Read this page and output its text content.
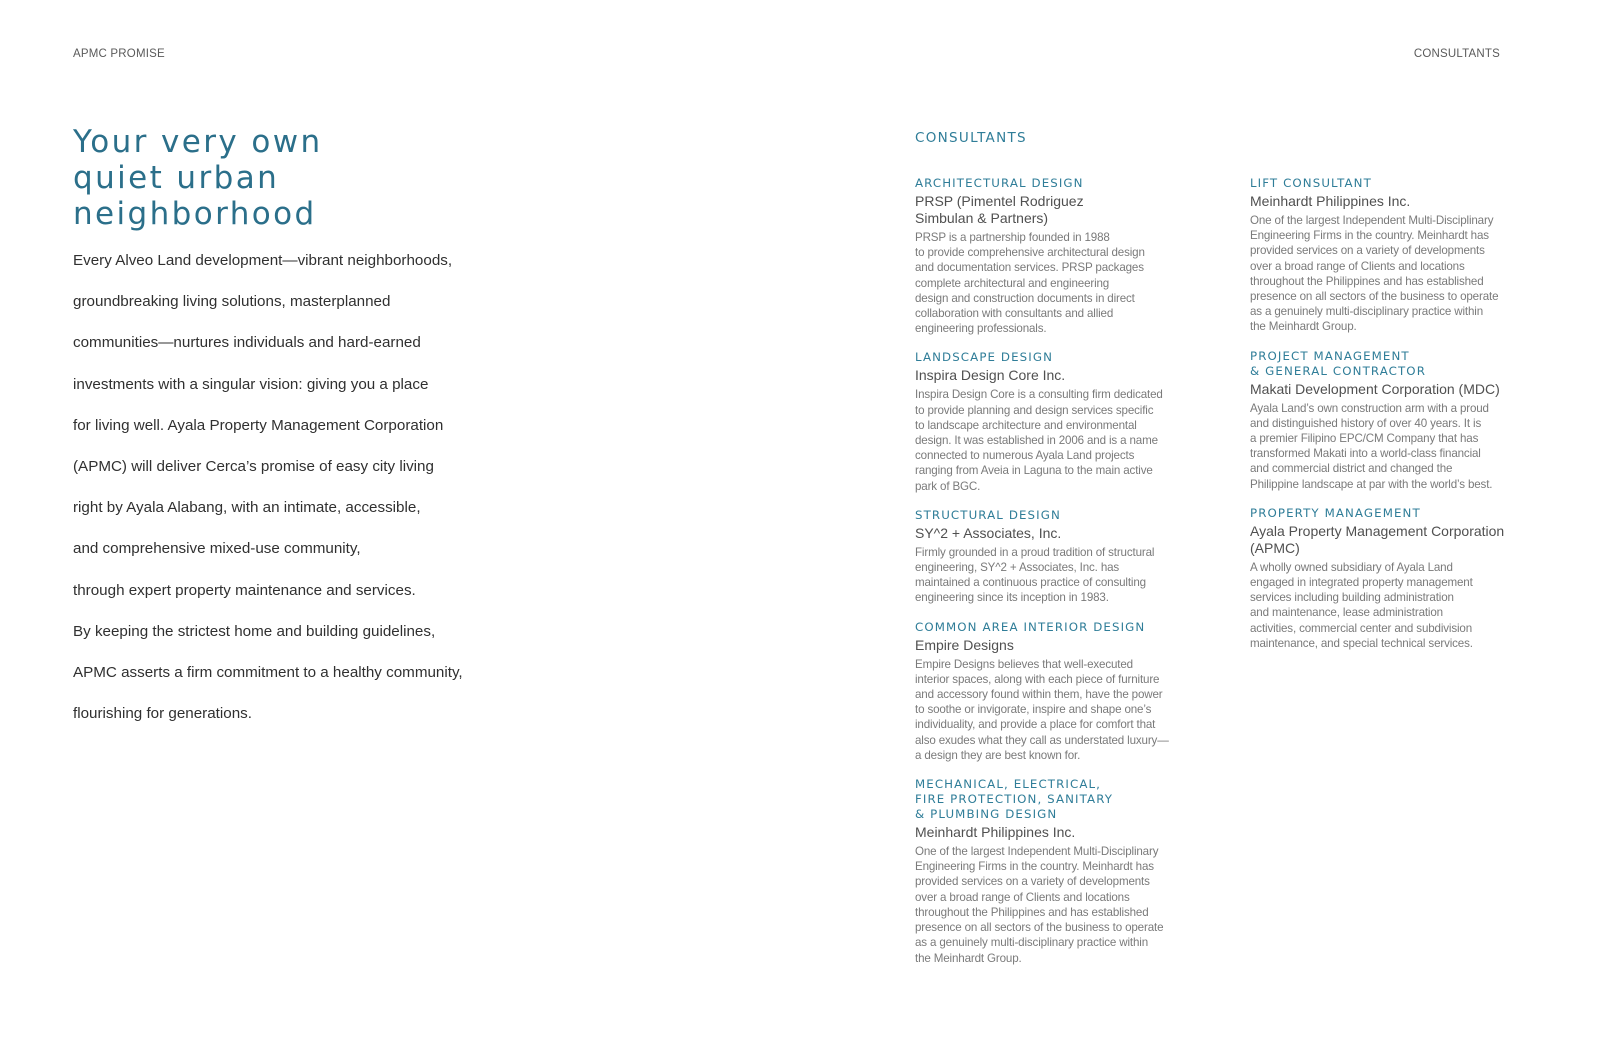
APMC PROMISE	CONSULTANTS
Your very own
quiet urban
neighborhood
Every Alveo Land development—vibrant neighborhoods,
groundbreaking living solutions, masterplanned
communities—nurtures individuals and hard-earned
investments with a singular vision: giving you a place
for living well. Ayala Property Management Corporation
(APMC) will deliver Cerca’s promise of easy city living
right by Ayala Alabang, with an intimate, accessible,
and comprehensive mixed-use community,
through expert property maintenance and services.
By keeping the strictest home and building guidelines,
APMC asserts a firm commitment to a healthy community,
flourishing for generations.
CONSULTANTS
ARCHITECTURAL DESIGN
PRSP (Pimentel Rodriguez
Simbulan & Partners)
PRSP is a partnership founded in 1988
to provide comprehensive architectural design
and documentation services. PRSP packages
complete architectural and engineering
design and construction documents in direct
collaboration with consultants and allied
engineering professionals.
LANDSCAPE DESIGN
Inspira Design Core Inc.
Inspira Design Core is a consulting firm dedicated
to provide planning and design services specific
to landscape architecture and environmental
design. It was established in 2006 and is a name
connected to numerous Ayala Land projects
ranging from Aveia in Laguna to the main active
park of BGC.
STRUCTURAL DESIGN
SY^2 + Associates, Inc.
Firmly grounded in a proud tradition of structural
engineering, SY^2 + Associates, Inc. has
maintained a continuous practice of consulting
engineering since its inception in 1983.
COMMON AREA INTERIOR DESIGN
Empire Designs
Empire Designs believes that well-executed
interior spaces, along with each piece of furniture
and accessory found within them, have the power
to soothe or invigorate, inspire and shape one’s
individuality, and provide a place for comfort that
also exudes what they call as understated luxury—
a design they are best known for.
MECHANICAL, ELECTRICAL,
FIRE PROTECTION, SANITARY
& PLUMBING DESIGN
Meinhardt Philippines Inc.
One of the largest Independent Multi-Disciplinary
Engineering Firms in the country. Meinhardt has
provided services on a variety of developments
over a broad range of Clients and locations
throughout the Philippines and has established
presence on all sectors of the business to operate
as a genuinely multi-disciplinary practice within
the Meinhardt Group.
LIFT CONSULTANT
Meinhardt Philippines Inc.
One of the largest Independent Multi-Disciplinary
Engineering Firms in the country. Meinhardt has
provided services on a variety of developments
over a broad range of Clients and locations
throughout the Philippines and has established
presence on all sectors of the business to operate
as a genuinely multi-disciplinary practice within
the Meinhardt Group.
PROJECT MANAGEMENT
& GENERAL CONTRACTOR
Makati Development Corporation (MDC)
Ayala Land’s own construction arm with a proud
and distinguished history of over 40 years. It is
a premier Filipino EPC/CM Company that has
transformed Makati into a world-class financial
and commercial district and changed the
Philippine landscape at par with the world’s best.
PROPERTY MANAGEMENT
Ayala Property Management Corporation
(APMC)
A wholly owned subsidiary of Ayala Land
engaged in integrated property management
services including building administration
and maintenance, lease administration
activities, commercial center and subdivision
maintenance, and special technical services.
